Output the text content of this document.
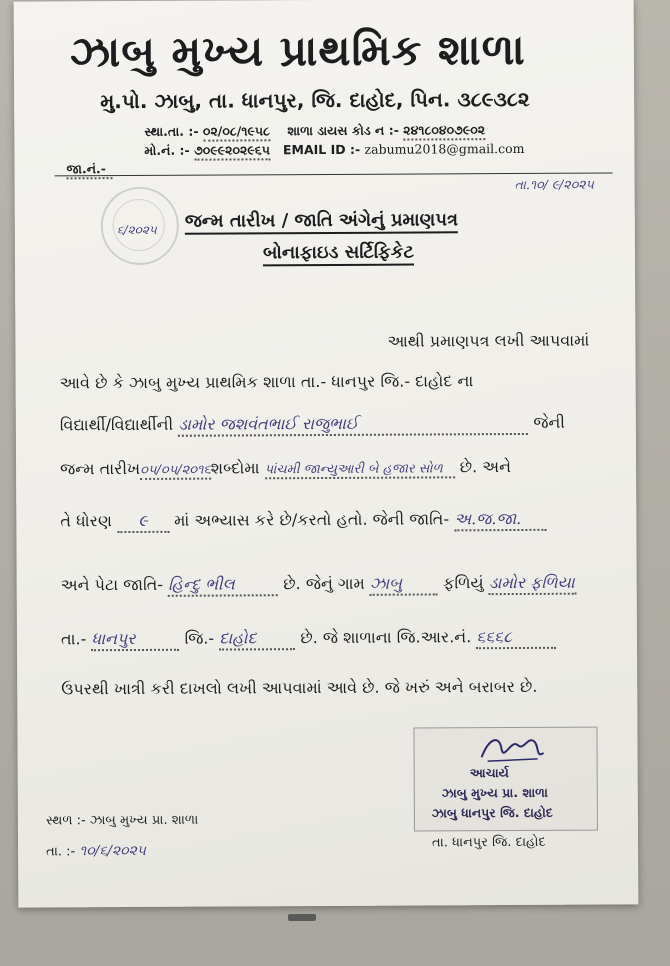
ઝાબુ મુખ્ય પ્રાથમિક શાળા
મુ.પો. ઝાબુ, તા. ધાનપુર, જિ. દાહોદ, પિન. ૩૮૯૩૮૨
સ્થા.તા. :- ૦૨/૦૮/૧૯૫૮ શાળા ડાયસ કોડ ન :- ૨૪૧૮૦૪૦૭૯૦૨
મો.નં. :- ૭૦૯૯૨૦૨૯૬૫ EMAIL ID :- zabumu2018@gmail.com
જા.નં.-
તા.૧૦/ ૯/૨૦૨૫
૬/૨૦૨૫ જન્મ તારીખ / જાતિ અંગેનું પ્રમાણપત્ર
બોનાફાઇડ સર્ટિફિકેટ
આથી પ્રમાણપત્ર લખી આપવામાં
આવે છે કે ઝાબુ મુખ્ય પ્રાથમિક શાળા તા.- ધાનપુર જિ.- દાહોદ ના
વિદ્યાર્થી/વિદ્યાર્થીની ડામોર જશવંતભાઈ રાજુભાઈ	જેની
જન્મ તારીખ૦૫/૦૫/૨૦૧૬શબ્દોમા પાંચમી જાન્યુઆરી બે હજાર સોળ છે. અને
તે ધોરણ ૯ માં અભ્યાસ કરે છે/કરતો હતો. જેની જાતિ- અ.જ.જા.
અને પેટા જાતિ- હિન્દુ ભીલ	છે. જેનું ગામ ઝાબુ	ફળિયું ડામોર ફળિયા
તા.- ધાનપુર	જિ.- દાહોદ	છે. જે શાળાના જિ.આર.નં. ૬૬૬૮
ઉપરથી ખાત્રી કરી દાખલો લખી આપવામાં આવે છે. જે ખરું અને બરાબર છે.
આચાર્ય
ઝાબુ મુખ્ય પ્રા. શાળા
ઝાબુ ધાનપુર જિ. દાહોદ
તા. ધાનપુર જિ. દાહોદ
સ્થળ :- ઝાબુ મુખ્ય પ્રા. શાળા
તા. :- ૧૦/૬/૨૦૨૫
